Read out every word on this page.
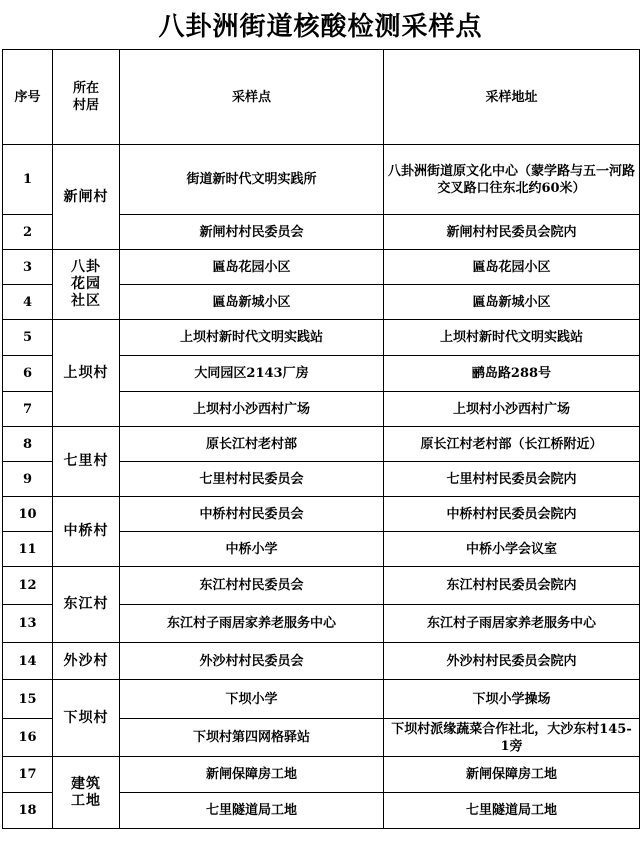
八卦洲街道核酸检测采样点
序号	所在村居	采样点	采样地址
1	新闸村	街道新时代文明实践所	八卦洲街道原文化中心（蒙学路与五一河路交叉路口往东北约60米）
2		新闸村村民委员会	新闸村村民委员会院内
3	八卦花园社区	匾岛花园小区	匾岛花园小区
4		匾岛新城小区	匾岛新城小区
5	上坝村	上坝村新时代文明实践站	上坝村新时代文明实践站
6		大同园区2143厂房	鹂岛路288号
7		上坝村小沙西村广场	上坝村小沙西村广场
8	七里村	原长江村老村部	原长江村老村部（长江桥附近）
9		七里村村民委员会	七里村村民委员会院内
10	中桥村	中桥村村民委员会	中桥村村民委员会院内
11		中桥小学	中桥小学会议室
12	东江村	东江村村民委员会	东江村村民委员会院内
13		东江村子雨居家养老服务中心	东江村子雨居家养老服务中心
14	外沙村	外沙村村民委员会	外沙村村民委员会院内
15	下坝村	下坝小学	下坝小学操场
16		下坝村第四网格驿站	下坝村派缘蔬菜合作社北，大沙东村145-1旁
17	建筑工地	新闸保障房工地	新闸保障房工地
18		七里隧道局工地	七里隧道局工地
